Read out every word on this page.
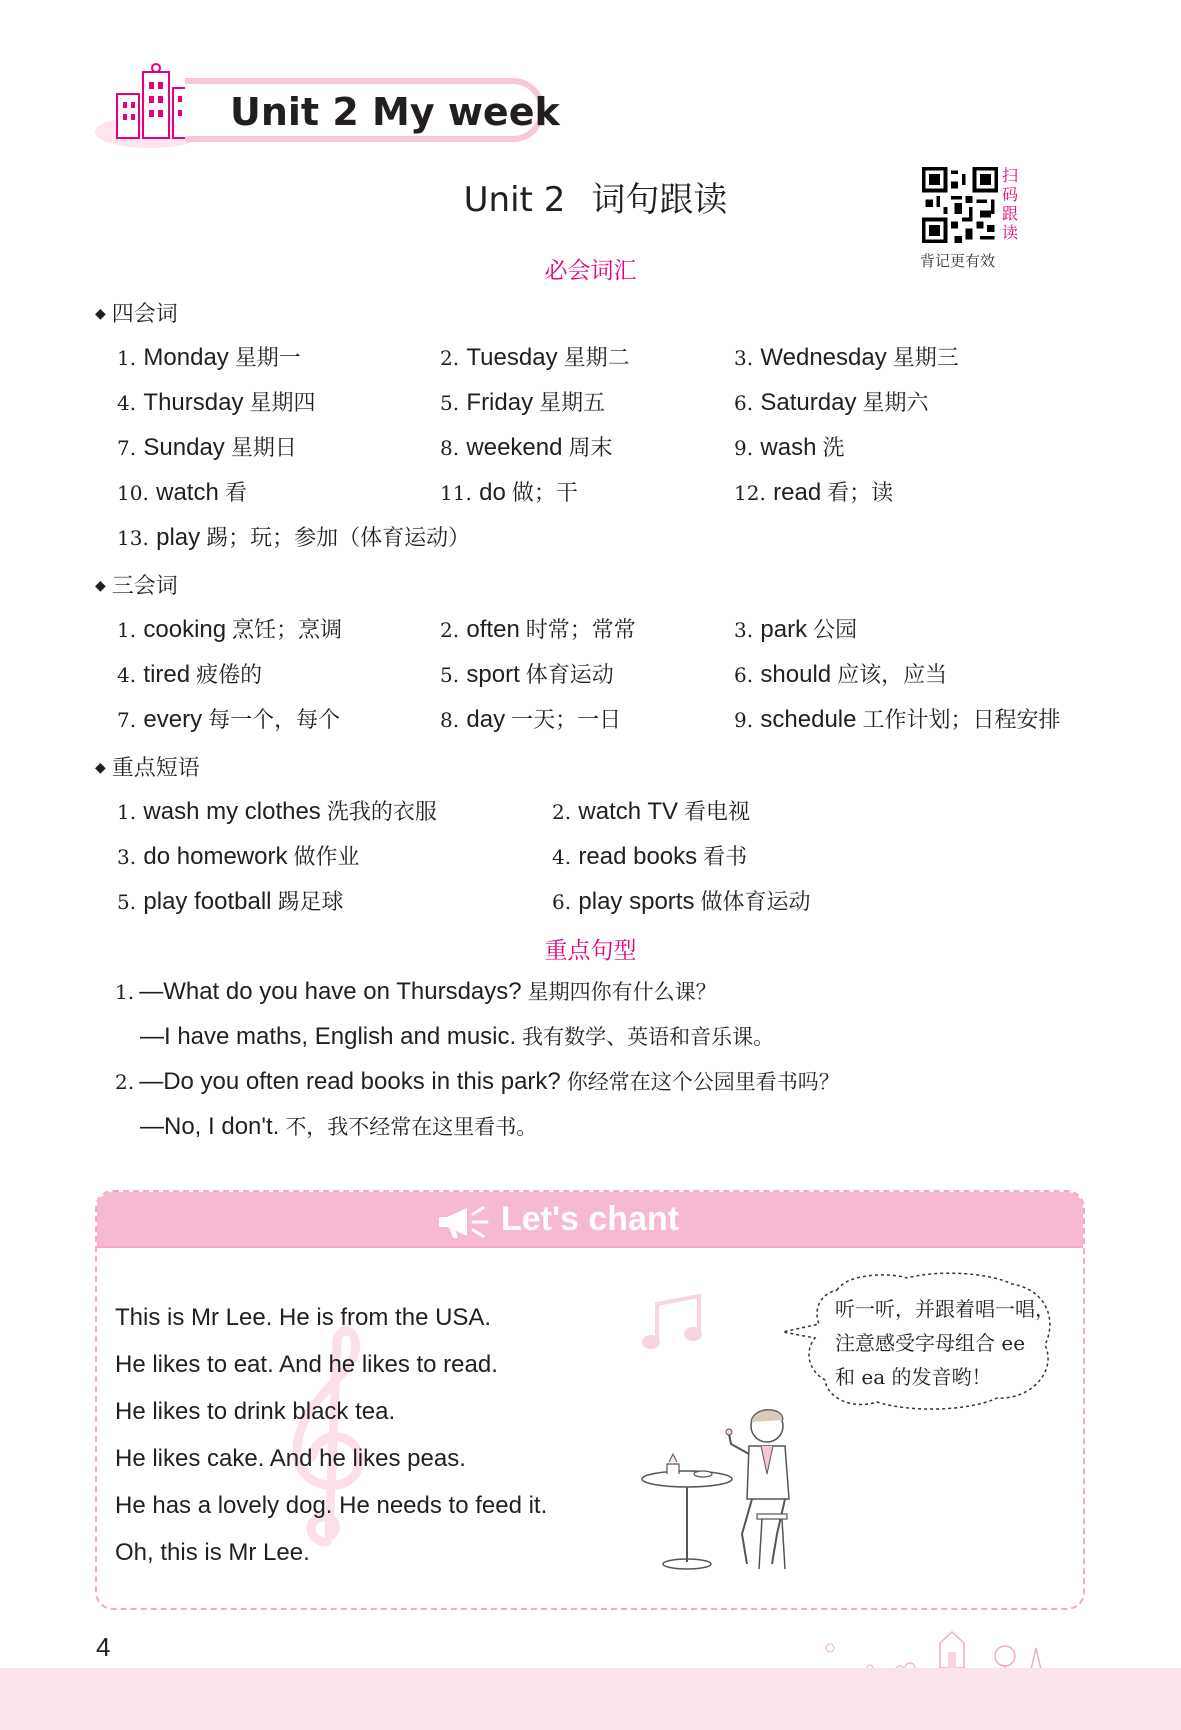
Unit 2 My week
Unit 2 词句跟读
扫码跟读
背记更有效
必会词汇
◆ 四会词
1. Monday 星期一	2. Tuesday 星期二	3. Wednesday 星期三
4. Thursday 星期四	5. Friday 星期五	6. Saturday 星期六
7. Sunday 星期日	8. weekend 周末	9. wash 洗
10. watch 看	11. do 做；干	12. read 看；读
13. play 踢；玩；参加（体育运动）
◆ 三会词
1. cooking 烹饪；烹调	2. often 时常；常常	3. park 公园
4. tired 疲倦的	5. sport 体育运动	6. should 应该，应当
7. every 每一个，每个	8. day 一天；一日	9. schedule 工作计划；日程安排
◆ 重点短语
1. wash my clothes 洗我的衣服	2. watch TV 看电视
3. do homework 做作业	4. read books 看书
5. play football 踢足球	6. play sports 做体育运动
重点句型
1. —What do you have on Thursdays? 星期四你有什么课？
—I have maths, English and music. 我有数学、英语和音乐课。
2. —Do you often read books in this park? 你经常在这个公园里看书吗？
—No, I don't. 不，我不经常在这里看书。
Let's chant
This is Mr Lee. He is from the USA.
He likes to eat. And he likes to read.
He likes to drink black tea.
He likes cake. And he likes peas.
He has a lovely dog. He needs to feed it.
Oh, this is Mr Lee.
听一听，并跟着唱一唱，
注意感受字母组合 ee
和 ea 的发音哟！
4
